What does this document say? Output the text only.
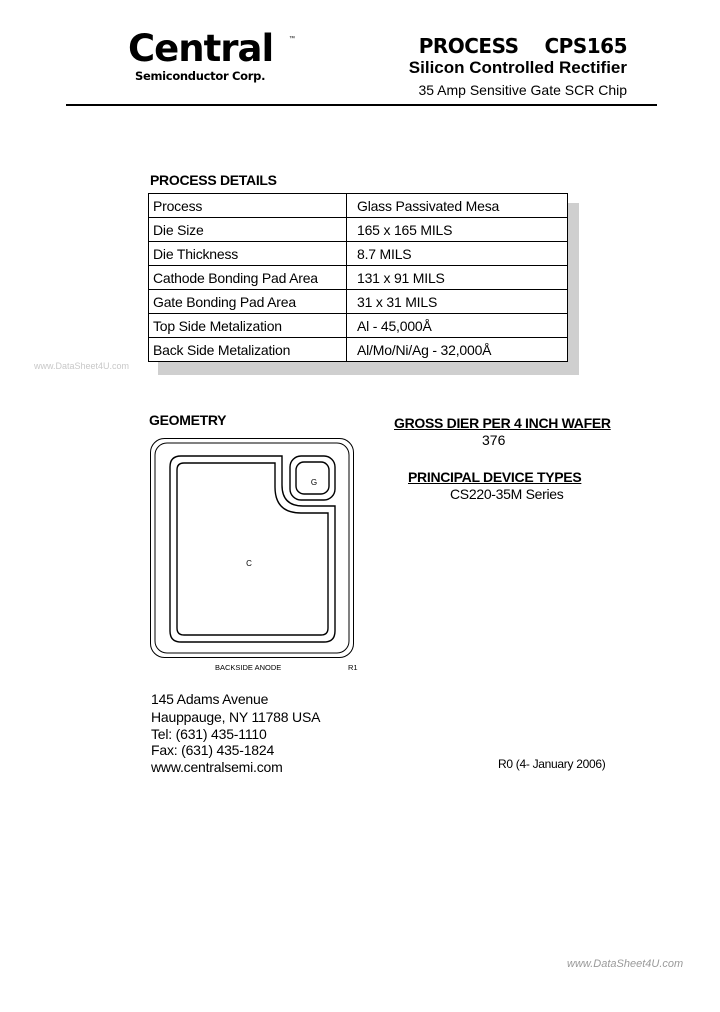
Central	™
Semiconductor Corp.
PROCESS CPS165
Silicon Controlled Rectifier
35 Amp Sensitive Gate SCR Chip
PROCESS DETAILS
Process	Glass Passivated Mesa
Die Size	165 x 165 MILS
Die Thickness	8.7 MILS
Cathode Bonding Pad Area	131 x 91 MILS
Gate Bonding Pad Area	31 x 31 MILS
Top Side Metalization	Al - 45,000Å
Back Side Metalization	Al/Mo/Ni/Ag - 32,000Å
www.DataSheet4U.com
GEOMETRY
G
C
BACKSIDE ANODE	R1
GROSS DIER PER 4 INCH WAFER
376
PRINCIPAL DEVICE TYPES
CS220-35M Series
145 Adams Avenue
Hauppauge, NY 11788 USA
Tel: (631) 435-1110
Fax: (631) 435-1824
www.centralsemi.com	R0 (4- January 2006)
www.DataSheet4U.com
